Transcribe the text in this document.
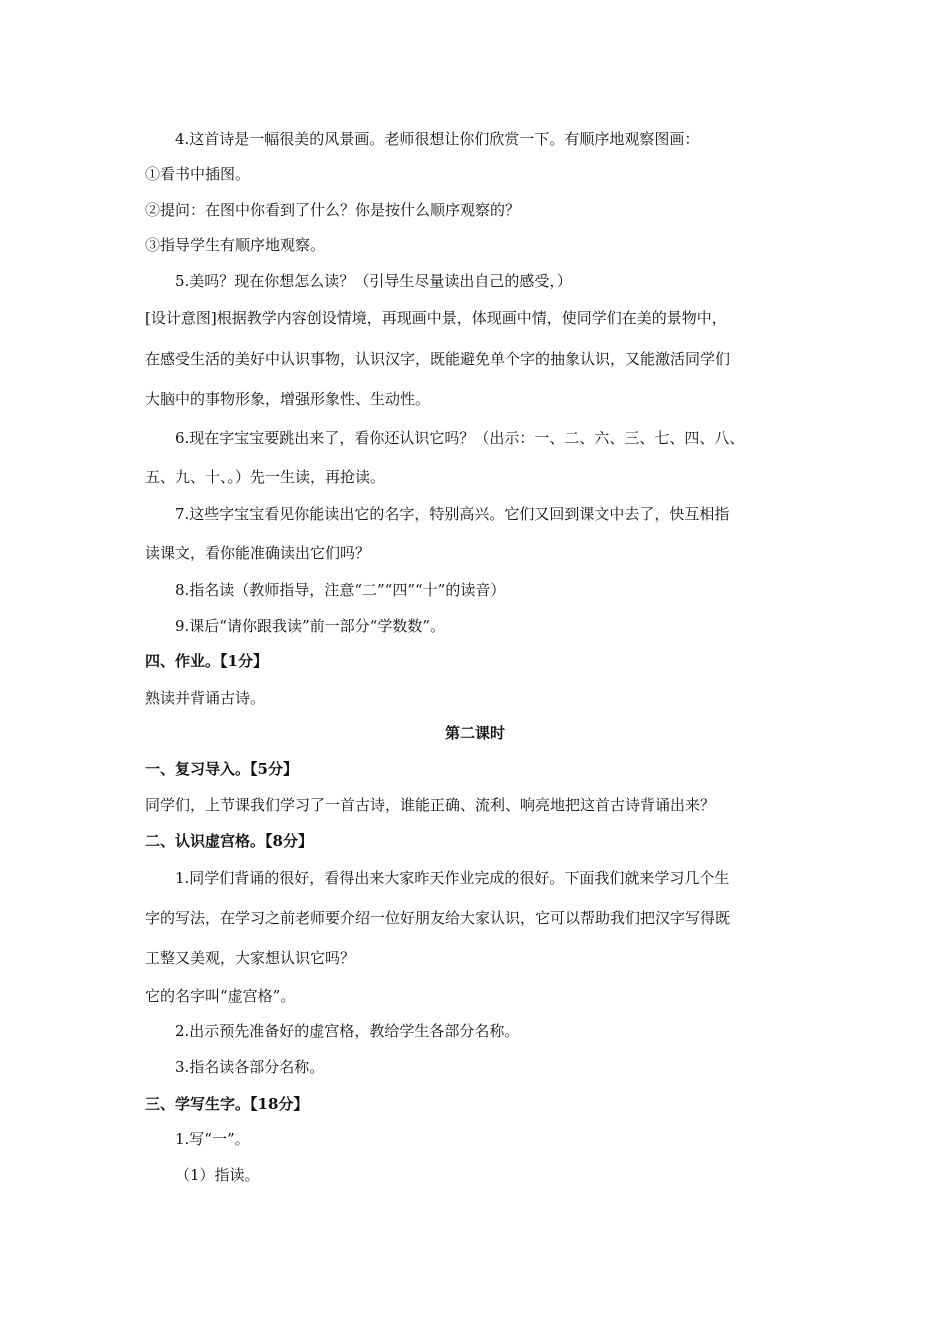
4.这首诗是一幅很美的风景画。老师很想让你们欣赏一下。有顺序地观察图画：
①看书中插图。
②提问：在图中你看到了什么？你是按什么顺序观察的？
③指导学生有顺序地观察。
5.美吗？现在你想怎么读？（引导生尽量读出自己的感受，）
[设计意图]根据教学内容创设情境，再现画中景，体现画中情，使同学们在美的景物中，
在感受生活的美好中认识事物，认识汉字，既能避免单个字的抽象认识，又能激活同学们
大脑中的事物形象，增强形象性、生动性。
6.现在字宝宝要跳出来了，看你还认识它吗？（出示：一、二、六、三、七、四、八、
五、九、十、。）先一生读，再抢读。
7.这些字宝宝看见你能读出它的名字，特别高兴。它们又回到课文中去了，快互相指
读课文，看你能准确读出它们吗？
8.指名读（教师指导，注意“二”“四”“十”的读音）
9.课后“请你跟我读”前一部分“学数数”。
四、作业。【1分】
熟读并背诵古诗。
第二课时
一、复习导入。【5分】
同学们，上节课我们学习了一首古诗，谁能正确、流利、响亮地把这首古诗背诵出来？
二、认识虚宫格。【8分】
1.同学们背诵的很好，看得出来大家昨天作业完成的很好。下面我们就来学习几个生
字的写法，在学习之前老师要介绍一位好朋友给大家认识，它可以帮助我们把汉字写得既
工整又美观，大家想认识它吗？
它的名字叫“虚宫格”。
2.出示预先准备好的虚宫格，教给学生各部分名称。
3.指名读各部分名称。
三、学写生字。【18分】
1.写“一”。
（1）指读。
